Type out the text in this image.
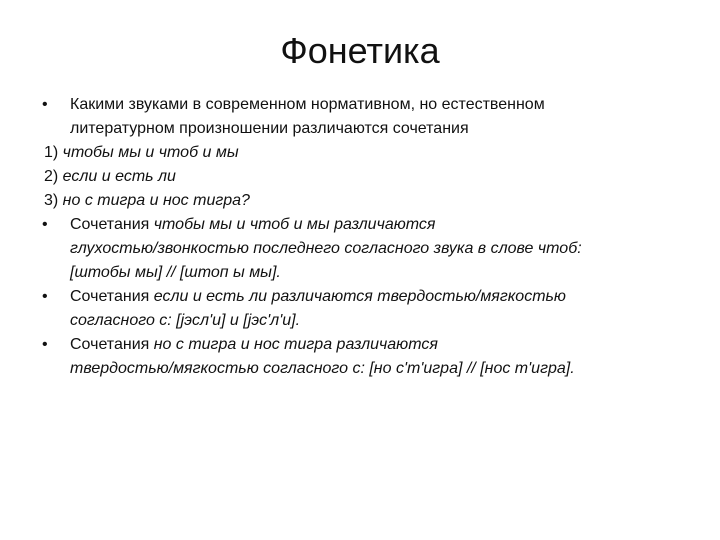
Фонетика
•	Какими звуками в современном нормативном, но естественном
литературном произношении различаются сочетания
1) чтобы мы и чтоб и мы
2) если и есть ли
3) но с тигра и нос тигра?
•	Сочетания чтобы мы и чтоб и мы различаются
глухостью/звонкостью последнего согласного звука в слове чтоб:
[штобы мы] // [штоп ы мы].
•	Сочетания если и есть ли различаются твердостью/мягкостью
согласного с: [jэсл'и] и [jэс'л'и].
•	Сочетания но с тигра и нос тигра различаются
твердостью/мягкостью согласного с: [но с'т'игра] // [нос т'игра].
